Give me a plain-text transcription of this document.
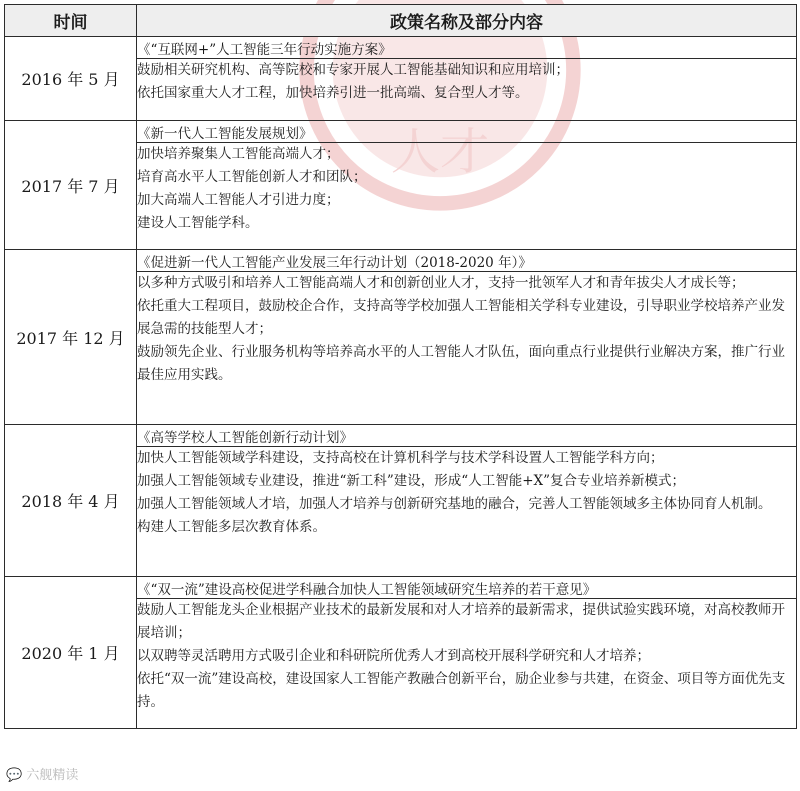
人才
时间	政策名称及部分内容
2016 年 5 月	《“互联网+”人工智能三年行动实施方案》

	鼓励相关研究机构、高等院校和专家开展人工智能基础知识和应用培训；
依托国家重大人才工程，加快培养引进一批高端、复合型人才等。

2017 年 7 月	《新一代人工智能发展规划》

	加快培养聚集人工智能高端人才；
培育高水平人工智能创新人才和团队；
加大高端人工智能人才引进力度；
建设人工智能学科。

2017 年 12 月	《促进新一代人工智能产业发展三年行动计划（2018-2020 年）》

	以多种方式吸引和培养人工智能高端人才和创新创业人才，支持一批领军人才和青年拔尖人才成长等；
依托重大工程项目，鼓励校企合作，支持高等学校加强人工智能相关学科专业建设，引导职业学校培养产业发展急需的技能型人才；
鼓励领先企业、行业服务机构等培养高水平的人工智能人才队伍，面向重点行业提供行业解决方案，推广行业最佳应用实践。

2018 年 4 月	《高等学校人工智能创新行动计划》

	加快人工智能领域学科建设，支持高校在计算机科学与技术学科设置人工智能学科方向；
加强人工智能领域专业建设，推进“新工科”建设，形成“人工智能+X”复合专业培养新模式；
加强人工智能领域人才培，加强人才培养与创新研究基地的融合，完善人工智能领域多主体协同育人机制。
构建人工智能多层次教育体系。

2020 年 1 月	《“双一流”建设高校促进学科融合加快人工智能领域研究生培养的若干意见》

	鼓励人工智能龙头企业根据产业技术的最新发展和对人才培养的最新需求，提供试验实践环境，对高校教师开展培训；
以双聘等灵活聘用方式吸引企业和科研院所优秀人才到高校开展科学研究和人才培养；
依托“双一流”建设高校，建设国家人工智能产教融合创新平台，励企业参与共建，在资金、项目等方面优先支持。
💬 六舰精读
